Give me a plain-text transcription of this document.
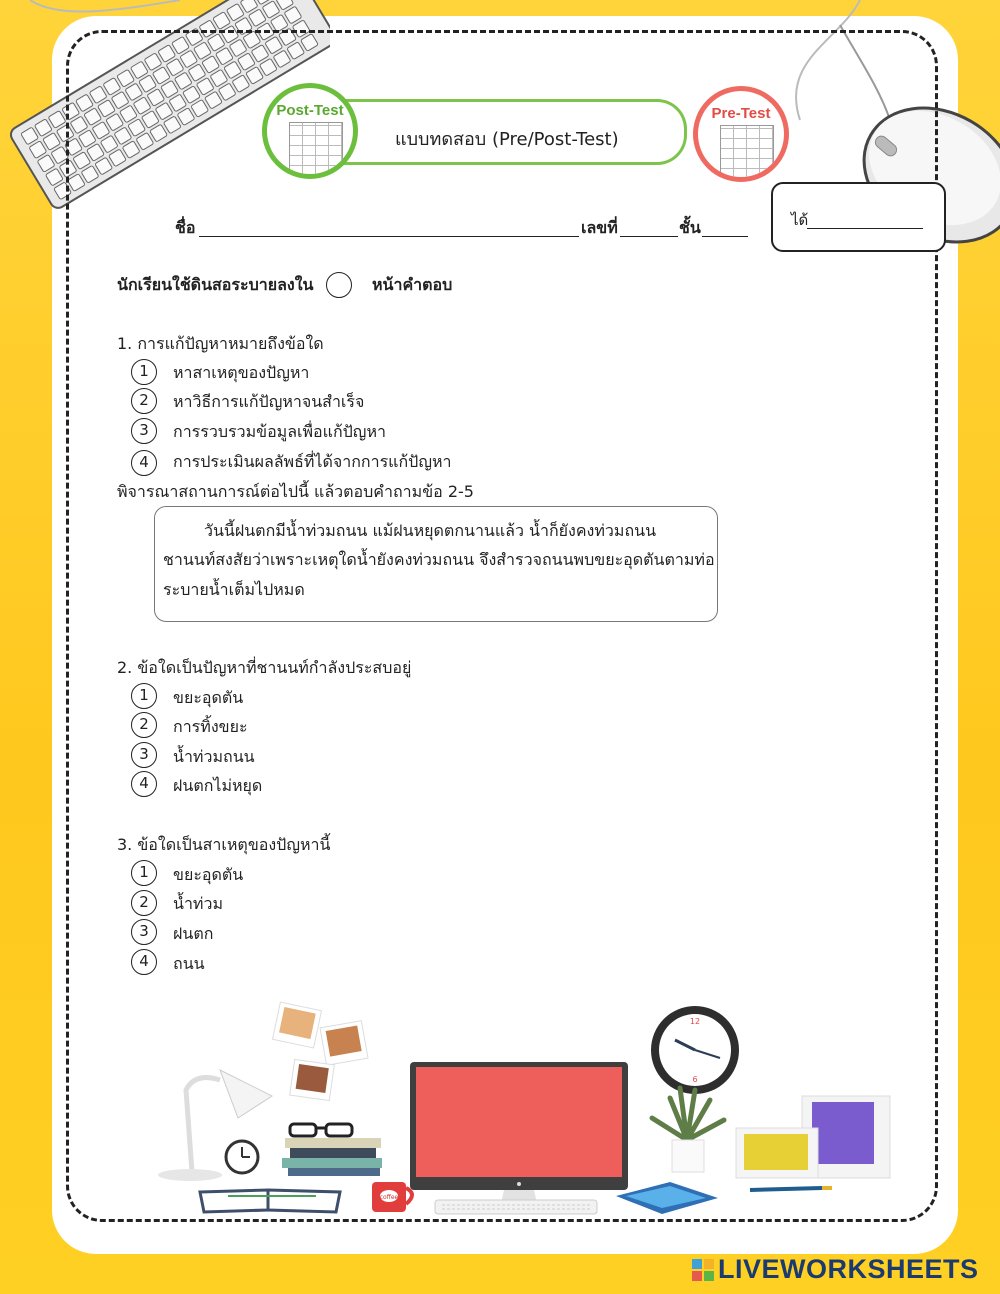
แบบทดสอบ (Pre/Post-Test)
Post-Test	Pre-Test
ได้
ชื่อ	เลขที่	ชั้น
นักเรียนใช้ดินสอระบายลงใน	หน้าคำตอบ
1. การแก้ปัญหาหมายถึงข้อใด
1	หาสาเหตุของปัญหา
2	หาวิธีการแก้ปัญหาจนสำเร็จ
3	การรวบรวมข้อมูลเพื่อแก้ปัญหา
4	การประเมินผลลัพธ์ที่ได้จากการแก้ปัญหา
พิจารณาสถานการณ์ต่อไปนี้ แล้วตอบคำถามข้อ 2-5
วันนี้ฝนตกมีน้ำท่วมถนน แม้ฝนหยุดตกนานแล้ว น้ำก็ยังคงท่วมถนน
ชานนท์สงสัยว่าเพราะเหตุใดน้ำยังคงท่วมถนน จึงสำรวจถนนพบขยะอุดตันตามท่อ
ระบายน้ำเต็มไปหมด
2. ข้อใดเป็นปัญหาที่ชานนท์กำลังประสบอยู่
1	ขยะอุดตัน
2	การทิ้งขยะ
3	น้ำท่วมถนน
4	ฝนตกไม่หยุด
3. ข้อใดเป็นสาเหตุของปัญหานี้
1	ขยะอุดตัน
2	น้ำท่วม
3	ฝนตก
4	ถนน
coffee
12
6
LIVEWORKSHEETS
